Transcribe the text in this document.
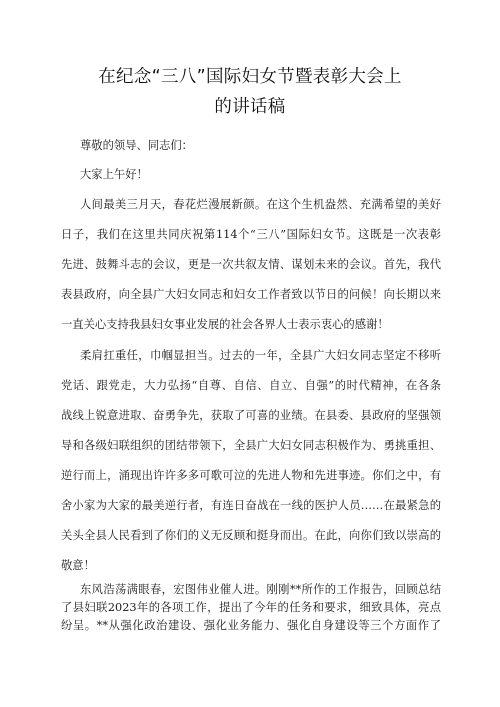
在纪念“三八”国际妇女节暨表彰大会上
的讲话稿
尊敬的领导、同志们：
大家上午好！
人间最美三月天，春花烂漫展新颜。在这个生机盎然、充满希望的美好
日子，我们在这里共同庆祝第114个“三八”国际妇女节。这既是一次表彰
先进、鼓舞斗志的会议，更是一次共叙友情、谋划未来的会议。首先，我代
表县政府，向全县广大妇女同志和妇女工作者致以节日的问候！向长期以来
一直关心支持我县妇女事业发展的社会各界人士表示衷心的感谢！
柔肩扛重任，巾帼显担当。过去的一年，全县广大妇女同志坚定不移听
党话、跟党走，大力弘扬“自尊、自信、自立、自强”的时代精神，在各条
战线上锐意进取、奋勇争先，获取了可喜的业绩。在县委、县政府的坚强领
导和各级妇联组织的团结带领下，全县广大妇女同志积极作为、勇挑重担、
逆行而上，涌现出许许多多可歌可泣的先进人物和先进事迹。你们之中，有
舍小家为大家的最美逆行者，有连日奋战在一线的医护人员……在最紧急的
关头全县人民看到了你们的义无反顾和挺身而出。在此，向你们致以崇高的
敬意！
东风浩荡满眼春，宏图伟业催人进。刚刚**所作的工作报告，回顾总结
了县妇联2023年的各项工作，提出了今年的任务和要求，细致具体，亮点
纷呈。**从强化政治建设、强化业务能力、强化自身建设等三个方面作了
